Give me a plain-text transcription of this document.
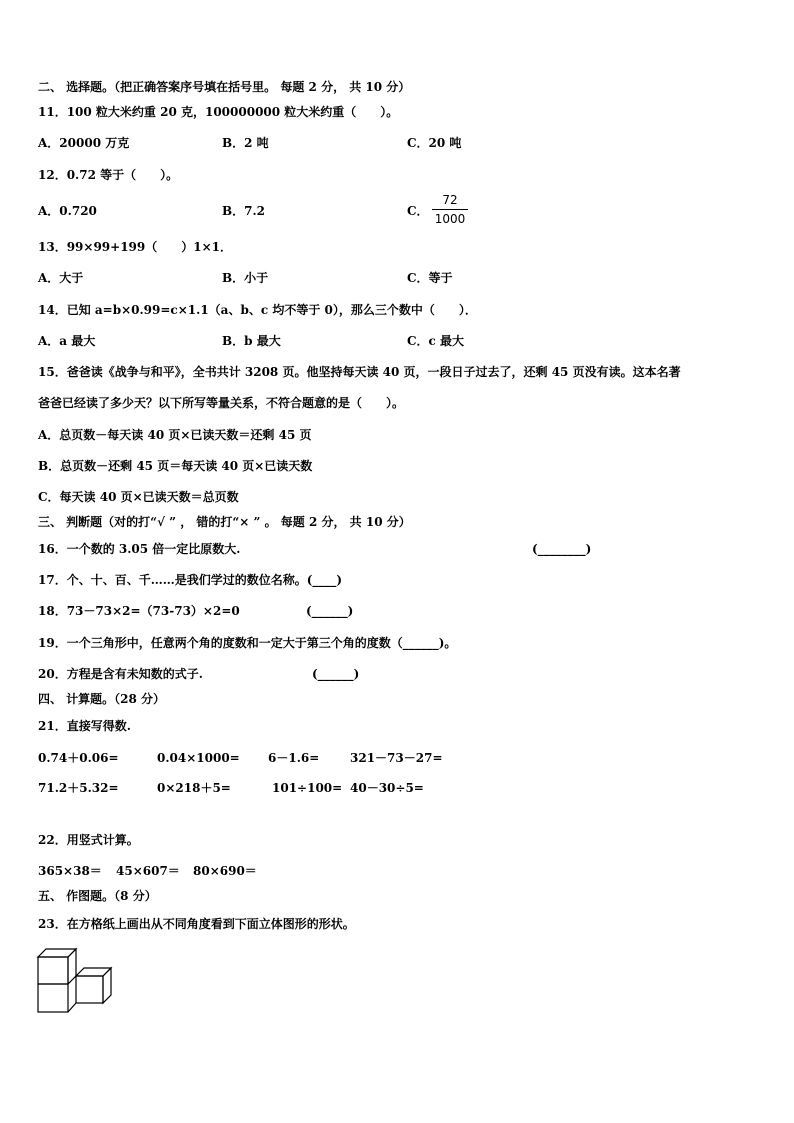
二、 选择题。（把正确答案序号填在括号里。 每题 2 分， 共 10 分）
11．100 粒大米约重 20 克，100000000 粒大米约重（　　）。
A．20000 万克	B．2 吨	C．20 吨
12．0.72 等于（　　）。
A．0.720	B．7.2	C．
72
1000
13．99×99+199（　　）1×1．
A．大于	B．小于	C．等于
14．已知 a=b×0.99=c×1.1（a、b、c 均不等于 0），那么三个数中（　　）．
A．a 最大	B．b 最大	C．c 最大
15．爸爸读《战争与和平》，全书共计 3208 页。他坚持每天读 40 页，一段日子过去了，还剩 45 页没有读。这本名著
爸爸已经读了多少天？以下所写等量关系，不符合题意的是（　　）。
A．总页数－每天读 40 页×已读天数＝还剩 45 页
B．总页数－还剩 45 页＝每天读 40 页×已读天数
C．每天读 40 页×已读天数＝总页数
三、 判断题（对的打“√ ” ， 错的打“× ” 。 每题 2 分， 共 10 分）
16．一个数的 3.05 倍一定比原数大.	(________)
17．个、十、百、千……是我们学过的数位名称。(____)
18．73－73×2=（73-73）×2=0	(______)
19．一个三角形中，任意两个角的度数和一定大于第三个角的度数（______)。
20．方程是含有未知数的式子.	(______)
四、 计算题。（28 分）
21．直接写得数.
0.74＋0.06=	0.04×1000= 6－1.6=	321－73－27=
71.2＋5.32=	0×218＋5=	101÷100= 40－30÷5=
22．用竖式计算。
365×38＝ 45×607＝ 80×690＝
五、 作图题。（8 分）
23．在方格纸上画出从不同角度看到下面立体图形的形状。
